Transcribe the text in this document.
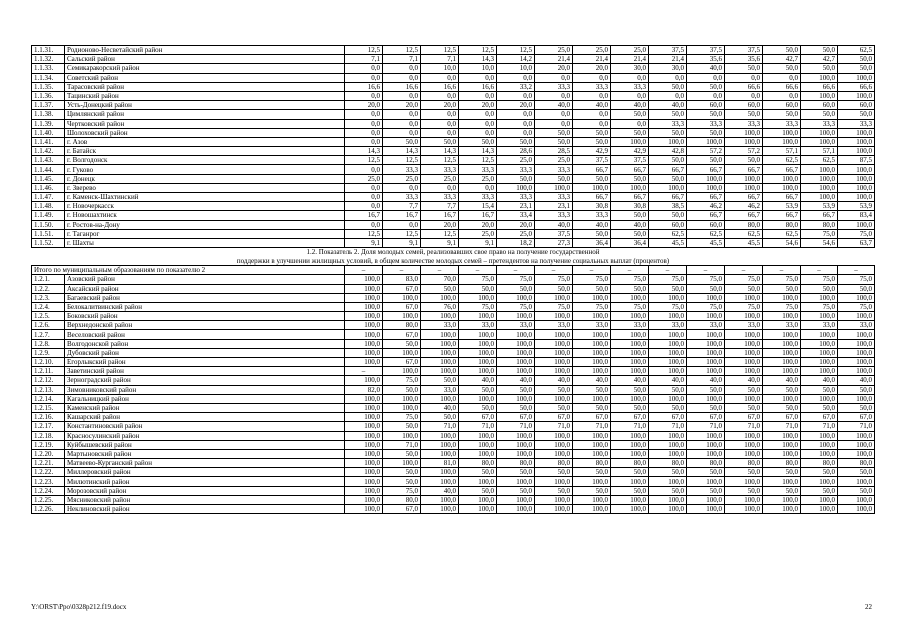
1.1.31.	Родионово-Несветайский район	12,5	12,5	12,5	12,5	12,5	25,0	25,0	25,0	37,5	37,5	37,5	50,0	50,0	62,5
1.1.32.	Сальский район	7,1	7,1	7,1	14,3	14,2	21,4	21,4	21,4	21,4	35,6	35,6	42,7	42,7	50,0
1.1.33.	Семикаракорский район	0,0	0,0	10,0	10,0	10,0	20,0	20,0	30,0	30,0	40,0	50,0	50,0	50,0	50,0
1.1.34.	Советский район	0,0	0,0	0,0	0,0	0,0	0,0	0,0	0,0	0,0	0,0	0,0	0,0	100,0	100,0
1.1.35.	Тарасовский район	16,6	16,6	16,6	16,6	33,2	33,3	33,3	33,3	50,0	50,0	66,6	66,6	66,6	66,6
1.1.36.	Тацинский район	0,0	0,0	0,0	0,0	0,0	0,0	0,0	0,0	0,0	0,0	0,0	0,0	100,0	100,0
1.1.37.	Усть-Донецкий район	20,0	20,0	20,0	20,0	20,0	40,0	40,0	40,0	40,0	60,0	60,0	60,0	60,0	60,0
1.1.38.	Цимлянский район	0,0	0,0	0,0	0,0	0,0	0,0	0,0	50,0	50,0	50,0	50,0	50,0	50,0	50,0
1.1.39.	Чертковский район	0,0	0,0	0,0	0,0	0,0	0,0	0,0	0,0	33,3	33,3	33,3	33,3	33,3	33,3
1.1.40.	Шолоховский район	0,0	0,0	0,0	0,0	0,0	50,0	50,0	50,0	50,0	50,0	100,0	100,0	100,0	100,0
1.1.41.	г. Азов	0,0	50,0	50,0	50,0	50,0	50,0	50,0	100,0	100,0	100,0	100,0	100,0	100,0	100,0
1.1.42.	г. Батайск	14,3	14,3	14,3	14,3	28,6	28,5	42,9	42,9	42,8	57,2	57,2	57,1	57,1	100,0
1.1.43.	г. Волгодонск	12,5	12,5	12,5	12,5	25,0	25,0	37,5	37,5	50,0	50,0	50,0	62,5	62,5	87,5
1.1.44.	г. Гуково	0,0	33,3	33,3	33,3	33,3	33,3	66,7	66,7	66,7	66,7	66,7	66,7	100,0	100,0
1.1.45.	г. Донецк	25,0	25,0	25,0	25,0	50,0	50,0	50,0	50,0	50,0	100,0	100,0	100,0	100,0	100,0
1.1.46.	г. Зверево	0,0	0,0	0,0	0,0	100,0	100,0	100,0	100,0	100,0	100,0	100,0	100,0	100,0	100,0
1.1.47.	г. Каменск-Шахтинский	0,0	33,3	33,3	33,3	33,3	33,3	66,7	66,7	66,7	66,7	66,7	66,7	100,0	100,0
1.1.48.	г. Новочеркасск	0,0	7,7	7,7	15,4	23,1	23,1	30,8	30,8	38,5	46,2	46,2	53,9	53,9	53,9
1.1.49.	г. Новошахтинск	16,7	16,7	16,7	16,7	33,4	33,3	33,3	50,0	50,0	66,7	66,7	66,7	66,7	83,4
1.1.50.	г. Ростов-на-Дону	0,0	0,0	20,0	20,0	20,0	40,0	40,0	40,0	60,0	60,0	80,0	80,0	80,0	100,0
1.1.51.	г. Таганрог	12,5	12,5	12,5	25,0	25,0	37,5	50,0	50,0	62,5	62,5	62,5	62,5	75,0	75,0
1.1.52.	г. Шахты	9,1	9,1	9,1	9,1	18,2	27,3	36,4	36,4	45,5	45,5	45,5	54,6	54,6	63,7
1.2. Показатель 2. Доля молодых семей, реализовавших свое право на получение государственной															
поддержки в улучшении жилищных условий, в общем количестве молодых семей – претендентов на получение социальных выплат (процентов)															
Итого по муниципальным образованиям по показателю 2		–	–	–	–	–	–	–	–	–	–	–	–	–	–
1.2.1.	Азовский район	100,0	83,0	70,0	75,0	75,0	75,0	75,0	75,0	75,0	75,0	75,0	75,0	75,0	75,0
1.2.2.	Аксайский район	100,0	67,0	50,0	50,0	50,0	50,0	50,0	50,0	50,0	50,0	50,0	50,0	50,0	50,0
1.2.3.	Багаевский район	100,0	100,0	100,0	100,0	100,0	100,0	100,0	100,0	100,0	100,0	100,0	100,0	100,0	100,0
1.2.4.	Белокалитвинский район	100,0	67,0	76,0	75,0	75,0	75,0	75,0	75,0	75,0	75,0	75,0	75,0	75,0	75,0
1.2.5.	Боковский район	100,0	100,0	100,0	100,0	100,0	100,0	100,0	100,0	100,0	100,0	100,0	100,0	100,0	100,0
1.2.6.	Верхнедонской район	100,0	80,0	33,0	33,0	33,0	33,0	33,0	33,0	33,0	33,0	33,0	33,0	33,0	33,0
1.2.7.	Веселовский район	100,0	67,0	100,0	100,0	100,0	100,0	100,0	100,0	100,0	100,0	100,0	100,0	100,0	100,0
1.2.8.	Волгодонской район	100,0	50,0	100,0	100,0	100,0	100,0	100,0	100,0	100,0	100,0	100,0	100,0	100,0	100,0
1.2.9.	Дубовский район	100,0	100,0	100,0	100,0	100,0	100,0	100,0	100,0	100,0	100,0	100,0	100,0	100,0	100,0
1.2.10.	Егорлыкский район	100,0	67,0	100,0	100,0	100,0	100,0	100,0	100,0	100,0	100,0	100,0	100,0	100,0	100,0
1.2.11.	Заветинский район	–	100,0	100,0	100,0	100,0	100,0	100,0	100,0	100,0	100,0	100,0	100,0	100,0	100,0
1.2.12.	Зерноградский район	100,0	75,0	50,0	40,0	40,0	40,0	40,0	40,0	40,0	40,0	40,0	40,0	40,0	40,0
1.2.13.	Зимовниковский район	82,0	50,0	33,0	50,0	50,0	50,0	50,0	50,0	50,0	50,0	50,0	50,0	50,0	50,0
1.2.14.	Кагальницкий район	100,0	100,0	100,0	100,0	100,0	100,0	100,0	100,0	100,0	100,0	100,0	100,0	100,0	100,0
1.2.15.	Каменский район	100,0	100,0	40,0	50,0	50,0	50,0	50,0	50,0	50,0	50,0	50,0	50,0	50,0	50,0
1.2.16.	Кашарский район	100,0	75,0	50,0	67,0	67,0	67,0	67,0	67,0	67,0	67,0	67,0	67,0	67,0	67,0
1.2.17.	Константиновский район	100,0	50,0	71,0	71,0	71,0	71,0	71,0	71,0	71,0	71,0	71,0	71,0	71,0	71,0
1.2.18.	Красносулинский район	100,0	100,0	100,0	100,0	100,0	100,0	100,0	100,0	100,0	100,0	100,0	100,0	100,0	100,0
1.2.19.	Куйбышевский район	100,0	71,0	100,0	100,0	100,0	100,0	100,0	100,0	100,0	100,0	100,0	100,0	100,0	100,0
1.2.20.	Мартыновский район	100,0	50,0	100,0	100,0	100,0	100,0	100,0	100,0	100,0	100,0	100,0	100,0	100,0	100,0
1.2.21.	Матвеево-Курганский район	100,0	100,0	81,0	80,0	80,0	80,0	80,0	80,0	80,0	80,0	80,0	80,0	80,0	80,0
1.2.22.	Миллеровский район	100,0	50,0	100,0	50,0	50,0	50,0	50,0	50,0	50,0	50,0	50,0	50,0	50,0	50,0
1.2.23.	Милютинский район	100,0	50,0	100,0	100,0	100,0	100,0	100,0	100,0	100,0	100,0	100,0	100,0	100,0	100,0
1.2.24.	Морозовский район	100,0	75,0	40,0	50,0	50,0	50,0	50,0	50,0	50,0	50,0	50,0	50,0	50,0	50,0
1.2.25.	Мясниковский район	100,0	80,0	100,0	100,0	100,0	100,0	100,0	100,0	100,0	100,0	100,0	100,0	100,0	100,0
1.2.26.	Неклиновский район	100,0	67,0	100,0	100,0	100,0	100,0	100,0	100,0	100,0	100,0	100,0	100,0	100,0	100,0
Y:\ORST\Ppo\0328p212.f19.docx	22
